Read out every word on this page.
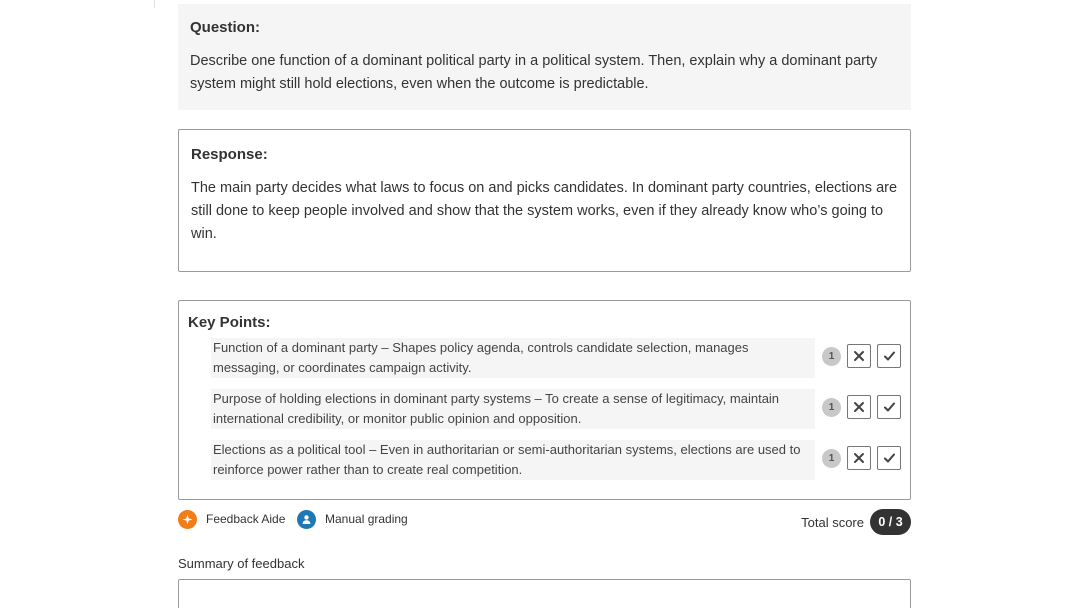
Question:
Describe one function of a dominant political party in a political system. Then, explain why a dominant party system might still hold elections, even when the outcome is predictable.
Response:
The main party decides what laws to focus on and picks candidates. In dominant party countries, elections are still done to keep people involved and show that the system works, even if they already know who’s going to win.
Key Points:
Function of a dominant party – Shapes policy agenda, controls candidate selection, manages messaging, or coordinates campaign activity.
1
Purpose of holding elections in dominant party systems – To create a sense of legitimacy, maintain international credibility, or monitor public opinion and opposition.
1
Elections as a political tool – Even in authoritarian or semi-authoritarian systems, elections are used to reinforce power rather than to create real competition.
1
Feedback Aide	Manual grading	Total score	0 / 3
Summary of feedback
